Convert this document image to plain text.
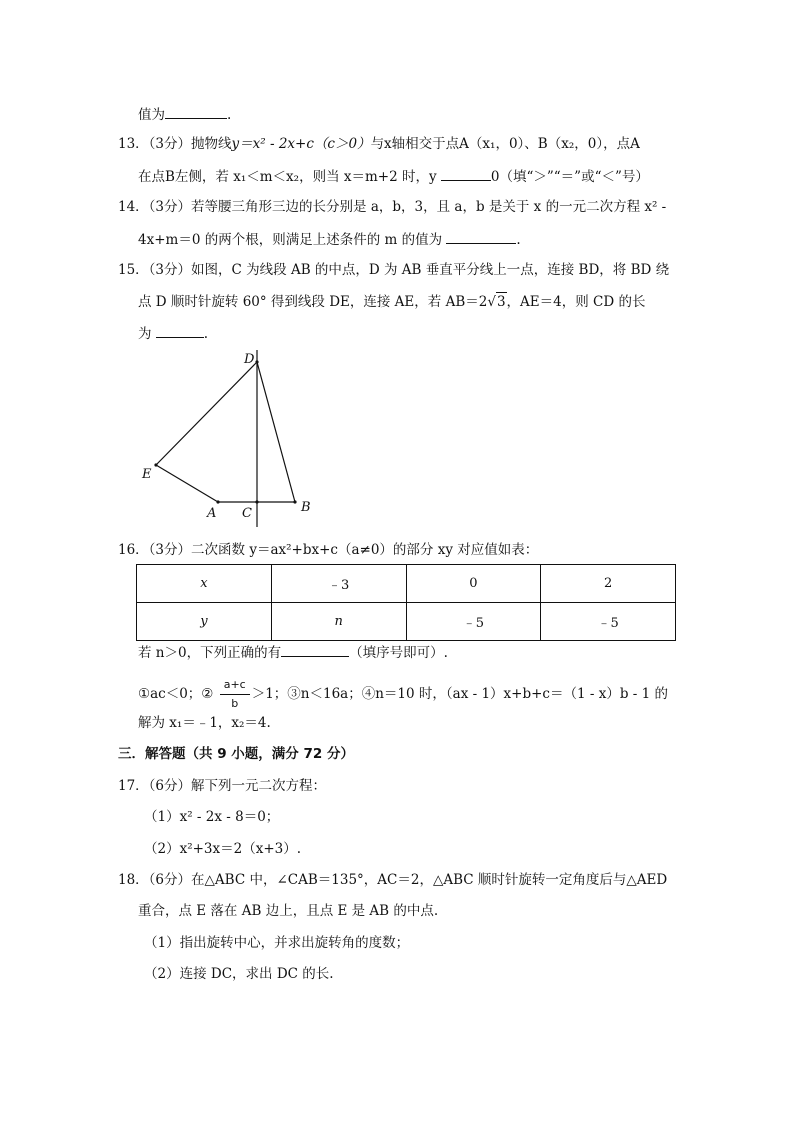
值为	.
13．（3分）抛物线y＝x² - 2x+c（c＞0）与x轴相交于点A（x₁，0）、B（x₂，0），点A
在点B左侧，若 x₁＜m＜x₂，则当 x＝m+2 时，y	0（填“＞”“＝”或“＜”号）
14．（3分）若等腰三角形三边的长分别是 a，b，3，且 a，b 是关于 x 的一元二次方程 x² -
4x+m＝0 的两个根，则满足上述条件的 m 的值为	.
15．（3分）如图，C 为线段 AB 的中点，D 为 AB 垂直平分线上一点，连接 BD，将 BD 绕
点 D 顺时针旋转 60° 得到线段 DE，连接 AE，若 AB＝2√3，AE＝4，则 CD 的长
为	.
D
E
A C	B
16．（3分）二次函数 y＝ax²+bx+c（a≠0）的部分 xy 对应值如表：
x	﹣3	0	2
y	n	﹣5	﹣5
若 n＞0，下列正确的有	（填序号即可）.
①ac＜0；② $\frac{a+c}{b} >1$；③n＜16a；④n＝10 时，（ax - 1）x+b+c＝（1 - x）b - 1 的
解为 x₁＝﹣1，x₂＝4.
三．解答题（共 9 小题，满分 72 分）
17．（6分）解下列一元二次方程：
（1）x² - 2x - 8＝0；
（2）x²+3x＝2（x+3）.
18．（6分）在△ABC 中，∠CAB＝135°，AC＝2，△ABC 顺时针旋转一定角度后与△AED
重合，点 E 落在 AB 边上，且点 E 是 AB 的中点.
（1）指出旋转中心，并求出旋转角的度数；
（2）连接 DC，求出 DC 的长.
